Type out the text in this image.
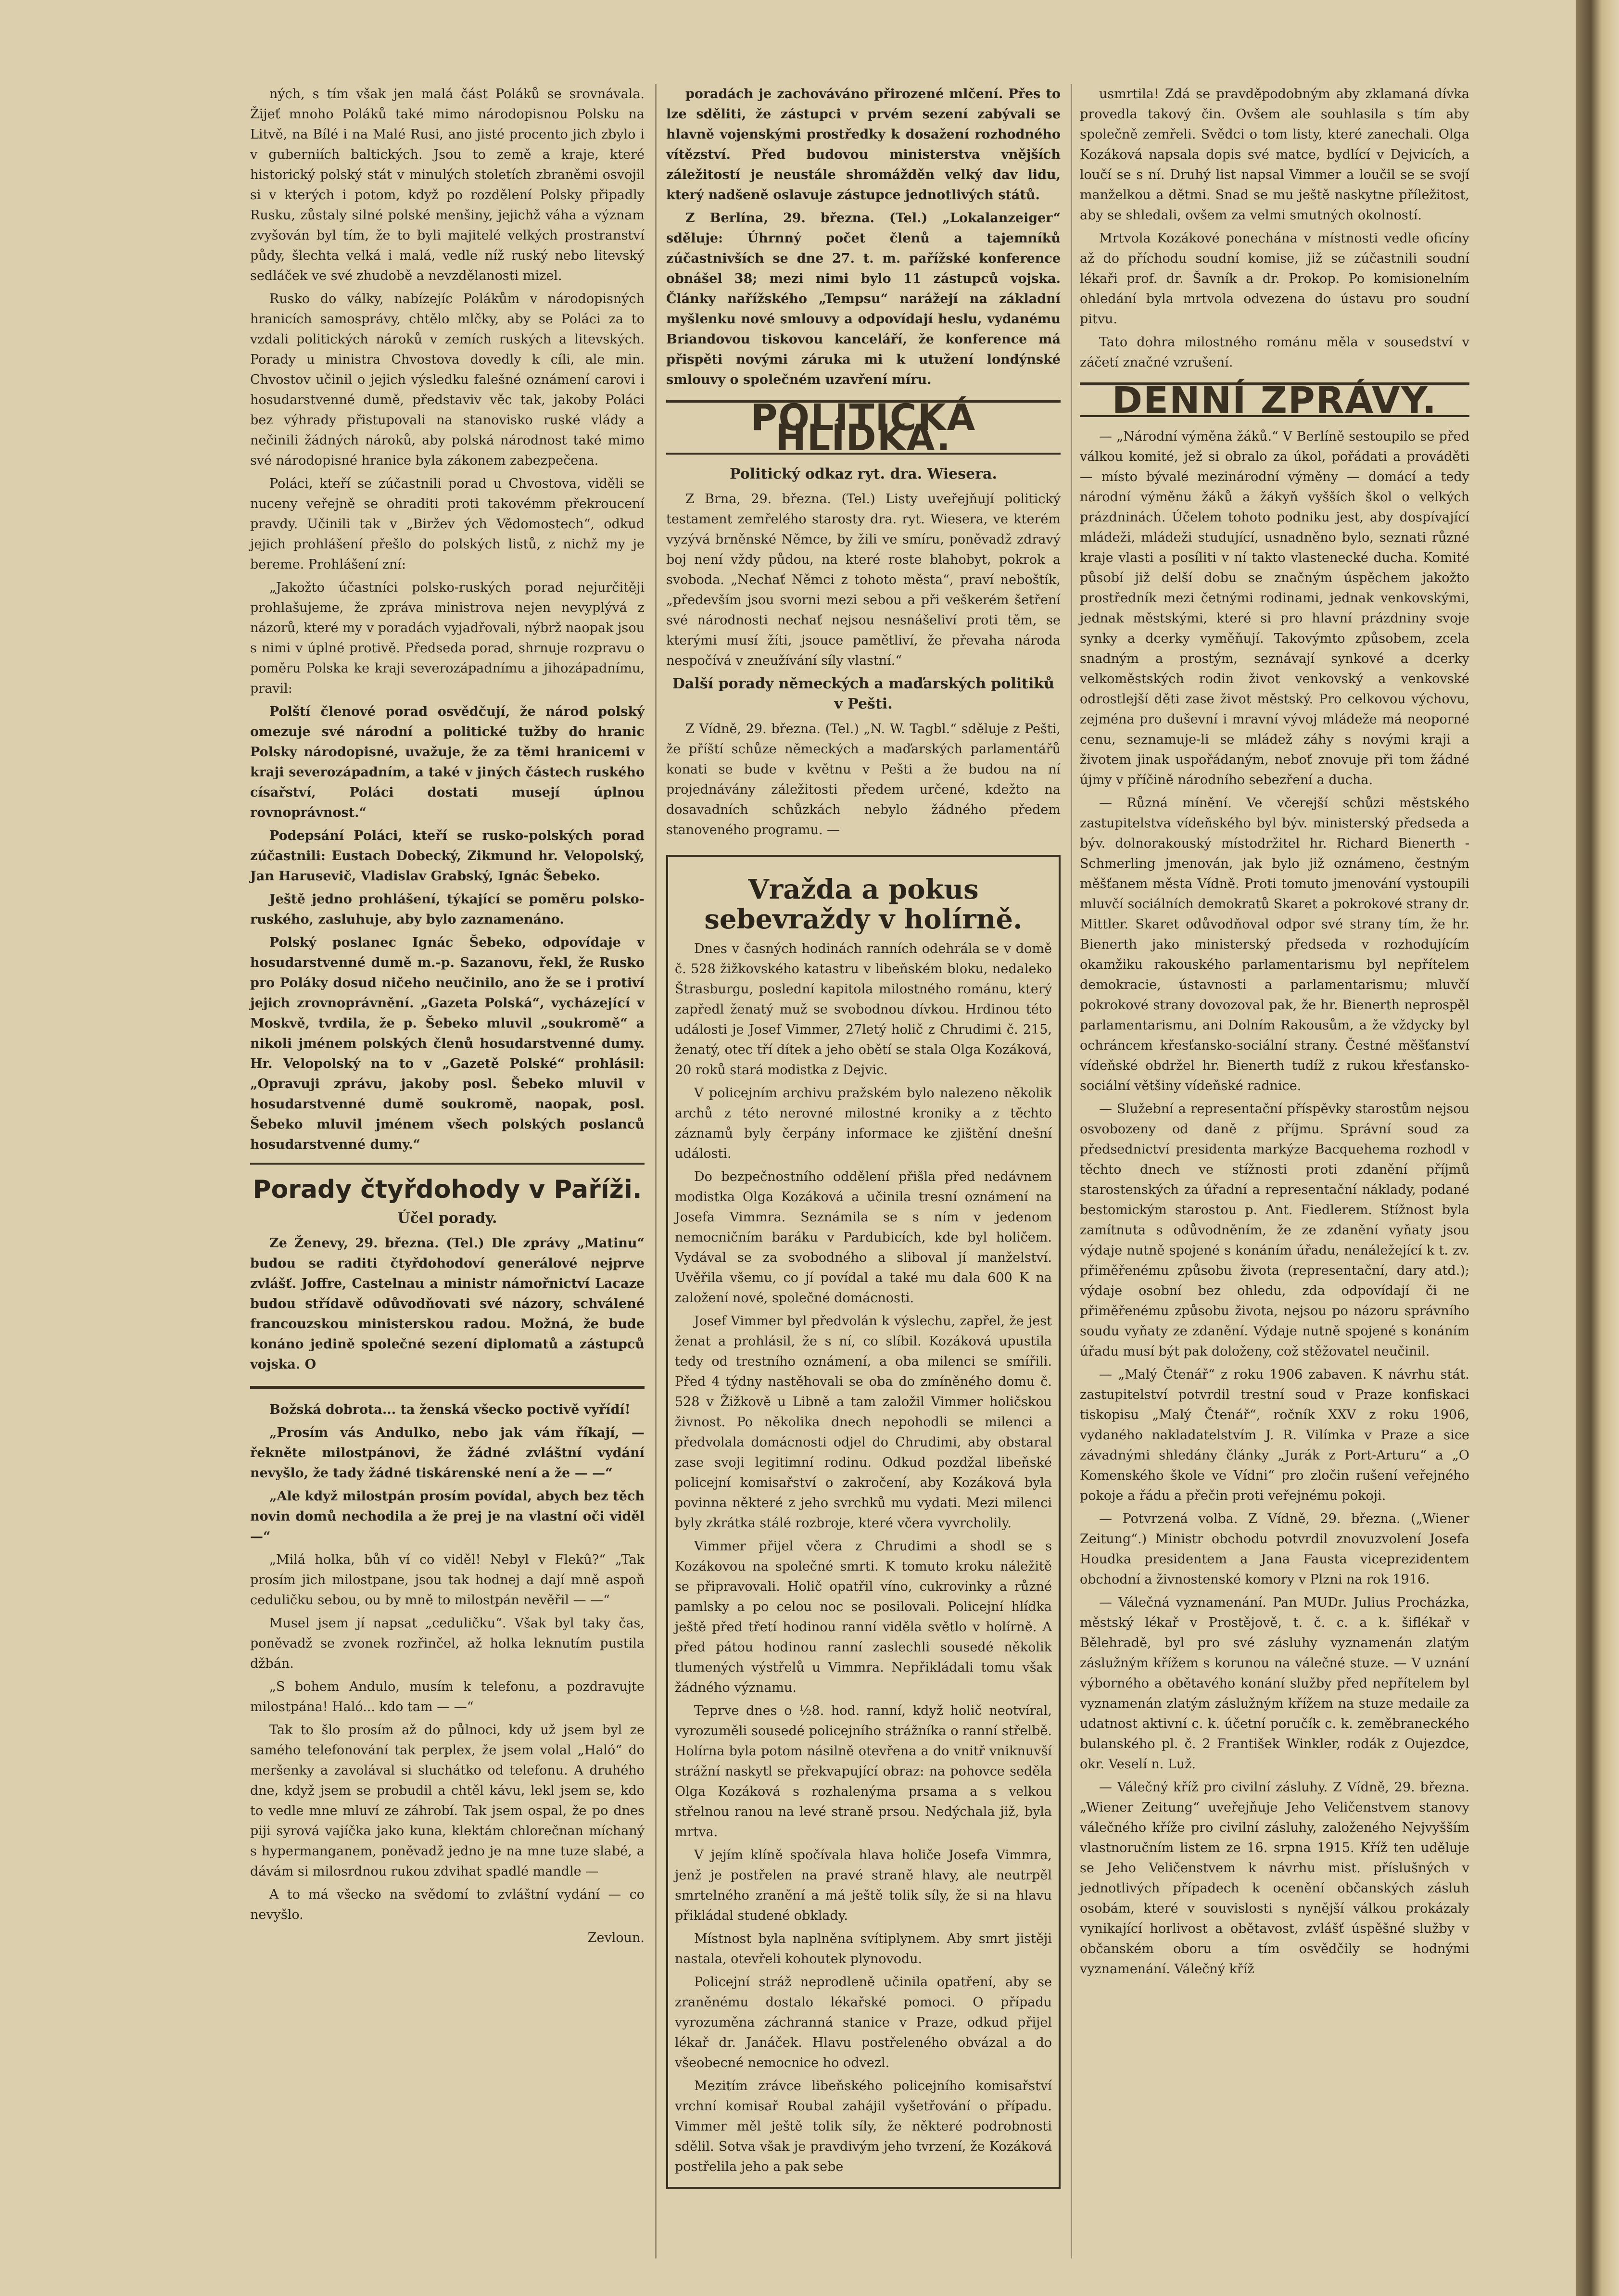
ných, s tím však jen malá část Poláků se srovnávala. Žijeť mnoho Poláků také mimo národopisnou Polsku na Litvě, na Bílé i na Malé Rusi, ano jisté procento jich zbylo i v guberniích baltických. Jsou to země a kraje, které historický polský stát v minulých stoletích zbraněmi osvojil si v kterých i potom, když po rozdělení Polsky připadly Rusku, zůstaly silné polské menšiny, jejichž váha a význam zvyšován byl tím, že to byli majitelé velkých prostranství půdy, šlechta velká i malá, vedle níž ruský nebo litevský sedláček ve své zhudobě a nevzdělanosti mizel.

Rusko do války, nabízejíc Polákům v národopisných hranicích samosprávy, chtělo mlčky, aby se Poláci za to vzdali politických nároků v zemích ruských a litevských. Porady u ministra Chvostova dovedly k cíli, ale min. Chvostov učinil o jejich výsledku falešné oznámení carovi i hosudarstvenné dumě, představiv věc tak, jakoby Poláci bez výhrady přistupovali na stanovisko ruské vlády a nečinili žádných nároků, aby polská národnost také mimo své národopisné hranice byla zákonem zabezpečena.

Poláci, kteří se zúčastnili porad u Chvostova, viděli se nuceny veřejně se ohraditi proti takovémm překroucení pravdy. Učinili tak v „Biržev ých Vědomostech“, odkud jejich prohlášení přešlo do polských listů, z nichž my je bereme. Prohlášení zní:

„Jakožto účastníci polsko-ruských porad nejurčitěji prohlašujeme, že zpráva ministrova nejen nevyplývá z názorů, které my v poradách vyjadřovali, nýbrž naopak jsou s nimi v úplné protivě. Předseda porad, shrnuje rozpravu o poměru Polska ke kraji severozápadnímu a jihozápadnímu, pravil:

Polští členové porad osvědčují, že národ polský omezuje své národní a politické tužby do hranic Polsky národopisné, uvažuje, že za těmi hranicemi v kraji severozápadním, a také v jiných částech ruského císařství, Poláci dostati musejí úplnou rovnoprávnost.“

Podepsání Poláci, kteří se rusko-polských porad zúčastnili: Eustach Dobecký, Zikmund hr. Velopolský, Jan Harusevič, Vladislav Grabský, Ignác Šebeko.

Ještě jedno prohlášení, týkající se poměru polsko-ruského, zasluhuje, aby bylo zaznamenáno.

Polský poslanec Ignác Šebeko, odpovídaje v hosudarstvenné dumě m.-p. Sazanovu, řekl, že Rusko pro Poláky dosud ničeho neučinilo, ano že se i protiví jejich zrovnoprávnění. „Gazeta Polská“, vycházející v Moskvě, tvrdila, že p. Šebeko mluvil „soukromě“ a nikoli jménem polských členů hosudarstvenné dumy. Hr. Velopolský na to v „Gazetě Polské“ prohlásil: „Opravuji zprávu, jakoby posl. Šebeko mluvil v hosudarstvenné dumě soukromě, naopak, posl. Šebeko mluvil jménem všech polských poslanců hosudarstvenné dumy.“

Porady čtyřdohody v Paříži.
Účel porady.

Ze Ženevy, 29. března. (Tel.) Dle zprávy „Matinu“ budou se raditi čtyřdohodoví generálové nejprve zvlášť. Joffre, Castelnau a ministr námořnictví Lacaze budou střídavě odůvodňovati své názory, schválené francouzskou ministerskou radou. Možná, že bude konáno jedině společné sezení diplomatů a zástupců vojska. O

Božská dobrota... ta ženská všecko poctivě vyřídí!

„Prosím vás Andulko, nebo jak vám říkají, — řekněte milostpánovi, že žádné zvláštní vydání nevyšlo, že tady žádné tiskárenské není a že — —“

„Ale když milostpán prosím povídal, abych bez těch novin domů nechodila a že prej je na vlastní oči viděl —“

„Milá holka, bůh ví co viděl! Nebyl v Flekû?“ „Tak prosím jich milostpane, jsou tak hodnej a dají mně aspoň ceduličku sebou, ou by mně to milostpán nevěřil — —“

Musel jsem jí napsat „ceduličku“. Však byl taky čas, poněvadž se zvonek rozřinčel, až holka leknutím pustila džbán.

„S bohem Andulo, musím k telefonu, a pozdravujte milostpána! Haló... kdo tam — —“

Tak to šlo prosím až do půlnoci, kdy už jsem byl ze samého telefonování tak perplex, že jsem volal „Haló“ do meršenky a zavolával si sluchátko od telefonu. A druhého dne, když jsem se probudil a chtěl kávu, lekl jsem se, kdo to vedle mne mluví ze záhrobí. Tak jsem ospal, že po dnes piji syrová vajíčka jako kuna, klektám chlorečnan míchaný s hypermanganem, poněvadž jedno je na mne tuze slabé, a dávám si milosrdnou rukou zdvihat spadlé mandle —

A to má všecko na svědomí to zvláštní vydání — co nevyšlo.

Zevloun.

poradách je zachováváno přirozené mlčení. Přes to lze sděliti, že zástupci v prvém sezení zabývali se hlavně vojenskými prostředky k dosažení rozhodného vítězství. Před budovou ministerstva vnějších záležitostí je neustále shromážděn velký dav lidu, který nadšeně oslavuje zástupce jednotlivých států.

Z Berlína, 29. března. (Tel.) „Lokalanzeiger“ sděluje: Úhrnný počet členů a tajemníků zúčastnivších se dne 27. t. m. pařížské konference obnášel 38; mezi nimi bylo 11 zástupců vojska. Články nařížského „Tempsu“ narážejí na základní myšlenku nové smlouvy a odpovídají heslu, vydanému Briandovou tiskovou kanceláří, že konference má přispěti novými záruka mi k utužení londýnské smlouvy o společném uzavření míru.

POLITICKÁ HLÍDKA.
Politický odkaz ryt. dra. Wiesera.

Z Brna, 29. března. (Tel.) Listy uveřejňují politický testament zemřelého starosty dra. ryt. Wiesera, ve kterém vyzývá brněnské Němce, by žili ve smíru, poněvadž zdravý boj není vždy půdou, na které roste blahobyt, pokrok a svoboda. „Nechať Němci z tohoto města“, praví neboštík, „především jsou svorni mezi sebou a při veškerém šetření své národnosti nechať nejsou nesnášeliví proti těm, se kterými musí žíti, jsouce pamětliví, že převaha národa nespočívá v zneužívání síly vlastní.“

Další porady německých a maďarských politiků v Pešti.

Z Vídně, 29. března. (Tel.) „N. W. Tagbl.“ sděluje z Pešti, že příští schůze německých a maďarských parlamentářů konati se bude v květnu v Pešti a že budou na ní projednávány záležitosti předem určené, kdežto na dosavadních schůzkách nebylo žádného předem stanoveného programu. —

Vražda a pokus sebevraždy v holírně.

Dnes v časných hodinách ranních odehrála se v domě č. 528 žižkovského katastru v libeňském bloku, nedaleko Štrasburgu, poslední kapitola milostného románu, který zapředl ženatý muž se svobodnou dívkou. Hrdinou této události je Josef Vimmer, 27letý holič z Chrudimi č. 215, ženatý, otec tří dítek a jeho obětí se stala Olga Kozáková, 20 roků stará modistka z Dejvic.

V policejním archivu pražském bylo nalezeno několik archů z této nerovné milostné kroniky a z těchto záznamů byly čerpány informace ke zjištění dnešní události.

Do bezpečnostního oddělení přišla před nedávnem modistka Olga Kozáková a učinila tresní oznámení na Josefa Vimmra. Seznámila se s ním v jedenom nemocničním baráku v Pardubicích, kde byl holičem. Vydával se za svobodného a sliboval jí manželství. Uvěřila všemu, co jí povídal a také mu dala 600 K na založení nové, společné domácnosti.

Josef Vimmer byl předvolán k výslechu, zapřel, že jest ženat a prohlásil, že s ní, co slíbil. Kozáková upustila tedy od trestního oznámení, a oba milenci se smířili. Před 4 týdny nastěhovali se oba do zmíněného domu č. 528 v Žižkově u Libně a tam založil Vimmer holičskou živnost. Po několika dnech nepohodli se milenci a předvolala domácnosti odjel do Chrudimi, aby obstaral zase svoji legitimní rodinu. Odkud pozdžal libeňské policejní komisařství o zakročení, aby Kozáková byla povinna některé z jeho svrchků mu vydati. Mezi milenci byly zkrátka stálé rozbroje, které včera vyvrcholily.

Vimmer přijel včera z Chrudimi a shodl se s Kozákovou na společné smrti. K tomuto kroku náležitě se připravovali. Holič opatřil víno, cukrovinky a různé pamlsky a po celou noc se posilovali. Policejní hlídka ještě před třetí hodinou ranní viděla světlo v holírně. A před pátou hodinou ranní zaslechli sousedé několik tlumených výstřelů u Vimmra. Nepřikládali tomu však žádného významu.

Teprve dnes o ½8. hod. ranní, když holič neotvíral, vyrozuměli sousedé policejního strážníka o ranní střelbě. Holírna byla potom násilně otevřena a do vnitř vniknuvší strážní naskytl se překvapující obraz: na pohovce seděla Olga Kozáková s rozhalenýma prsama a s velkou střelnou ranou na levé straně prsou. Nedýchala již, byla mrtva.

V jejím klíně spočívala hlava holiče Josefa Vimmra, jenž je postřelen na pravé straně hlavy, ale neutrpěl smrtelného zranění a má ještě tolik síly, že si na hlavu přikládal studené obklady.

Místnost byla naplněna svítiplynem. Aby smrt jistěji nastala, otevřeli kohoutek plynovodu.

Policejní stráž neprodleně učinila opatření, aby se zraněnému dostalo lékařské pomoci. O případu vyrozuměna záchranná stanice v Praze, odkud přijel lékař dr. Janáček. Hlavu postřeleného obvázal a do všeobecné nemocnice ho odvezl.

Mezitím zrávce libeňského policejního komisařství vrchní komisař Roubal zahájil vyšetřování o případu. Vimmer měl ještě tolik síly, že některé podrobnosti sdělil. Sotva však je pravdivým jeho tvrzení, že Kozáková postřelila jeho a pak sebe

usmrtila! Zdá se pravděpodobným aby zklamaná dívka provedla takový čin. Ovšem ale souhlasila s tím aby společně zemřeli. Svědci o tom listy, které zanechali. Olga Kozáková napsala dopis své matce, bydlící v Dejvicích, a loučí se s ní. Druhý list napsal Vimmer a loučil se se svojí manželkou a dětmi. Snad se mu ještě naskytne příležitost, aby se shledali, ovšem za velmi smutných okolností.

Mrtvola Kozákové ponechána v místnosti vedle oficíny až do příchodu soudní komise, již se zúčastnili soudní lékaři prof. dr. Šavník a dr. Prokop. Po komisionelním ohledání byla mrtvola odvezena do ústavu pro soudní pitvu.

Tato dohra milostného románu měla v sousedství v záčetí značné vzrušení.

DENNÍ ZPRÁVY.

— „Národní výměna žáků.“ V Berlíně sestoupilo se před válkou komité, jež si obralo za úkol, pořádati a prováděti — místo bývalé mezinárodní výměny — domácí a tedy národní výměnu žáků a žákyň vyšších škol o velkých prázdninách. Účelem tohoto podniku jest, aby dospívající mládeži, mládeži studující, usnadněno bylo, seznati různé kraje vlasti a posíliti v ní takto vlastenecké ducha. Komité působí již delší dobu se značným úspěchem jakožto prostředník mezi četnými rodinami, jednak venkovskými, jednak městskými, které si pro hlavní prázdniny svoje synky a dcerky vyměňují. Takovýmto způsobem, zcela snadným a prostým, seznávají synkové a dcerky velkoměstských rodin život venkovský a venkovské odrostlejší děti zase život městský. Pro celkovou výchovu, zejména pro duševní i mravní vývoj mládeže má neoporné cenu, seznamuje-li se mládež záhy s novými kraji a životem jinak uspořádaným, neboť znovuje při tom žádné újmy v příčině národního sebezření a ducha.

— Různá mínění. Ve včerejší schůzi městského zastupitelstva vídeňského byl býv. ministerský předseda a býv. dolnorakouský místodržitel hr. Richard Bienerth -Schmerling jmenován, jak bylo již oznámeno, čestným měšťanem města Vídně. Proti tomuto jmenování vystoupili mluvčí sociálních demokratů Skaret a pokrokové strany dr. Mittler. Skaret odůvodňoval odpor své strany tím, že hr. Bienerth jako ministerský předseda v rozhodujícím okamžiku rakouského parlamentarismu byl nepřítelem demokracie, ústavnosti a parlamentarismu; mluvčí pokrokové strany dovozoval pak, že hr. Bienerth neprospěl parlamentarismu, ani Dolním Rakousům, a že vždycky byl ochráncem křesťansko-sociální strany. Čestné měšťanství vídeňské obdržel hr. Bienerth tudíž z rukou křesťansko-sociální většiny vídeňské radnice.

— Služební a representační příspěvky starostům nejsou osvobozeny od daně z příjmu. Správní soud za předsednictví presidenta markýze Bacquehema rozhodl v těchto dnech ve stížnosti proti zdanění příjmů starostenských za úřadní a representační náklady, podané bestomickým starostou p. Ant. Fiedlerem. Stížnost byla zamítnuta s odůvodněním, že ze zdanění vyňaty jsou výdaje nutně spojené s konáním úřadu, nenáležející k t. zv. přiměřenému způsobu života (representační, dary atd.); výdaje osobní bez ohledu, zda odpovídají či ne přiměřenému způsobu života, nejsou po názoru správního soudu vyňaty ze zdanění. Výdaje nutně spojené s konáním úřadu musí být pak doloženy, což stěžovatel neučinil.

— „Malý Čtenář“ z roku 1906 zabaven. K návrhu stát. zastupitelství potvrdil trestní soud v Praze konfiskaci tiskopisu „Malý Čtenář“, ročník XXV z roku 1906, vydaného nakladatelstvím J. R. Vilímka v Praze a sice závadnými shledány články „Jurák z Port-Arturu“ a „O Komenského škole ve Vídni“ pro zločin rušení veřejného pokoje a řádu a přečin proti veřejnému pokoji.

— Potvrzená volba. Z Vídně, 29. března. („Wiener Zeitung“.) Ministr obchodu potvrdil znovuzvolení Josefa Houdka presidentem a Jana Fausta viceprezidentem obchodní a živnostenské komory v Plzni na rok 1916.

— Válečná vyznamenání. Pan MUDr. Julius Procházka, městský lékař v Prostějově, t. č. c. a k. šiflékař v Bělehradě, byl pro své zásluhy vyznamenán zlatým záslužným křížem s korunou na válečné stuze. — V uznání výborného a obětavého konání služby před nepřítelem byl vyznamenán zlatým záslužným křížem na stuze medaile za udatnost aktivní c. k. účetní poručík c. k. zeměbraneckého bulanského pl. č. 2 František Winkler, rodák z Oujezdce, okr. Veselí n. Luž.

— Válečný kříž pro civilní zásluhy. Z Vídně, 29. března. „Wiener Zeitung“ uveřejňuje Jeho Veličenstvem stanovy válečného kříže pro civilní zásluhy, založeného Nejvyšším vlastnoručním listem ze 16. srpna 1915. Kříž ten uděluje se Jeho Veličenstvem k návrhu mist. příslušných v jednotlivých případech k ocenění občanských zásluh osobám, které v souvislosti s nynější válkou prokázaly vynikající horlivost a obětavost, zvlášť úspěšné služby v občanském oboru a tím osvědčily se hodnými vyznamenání. Válečný kříž
